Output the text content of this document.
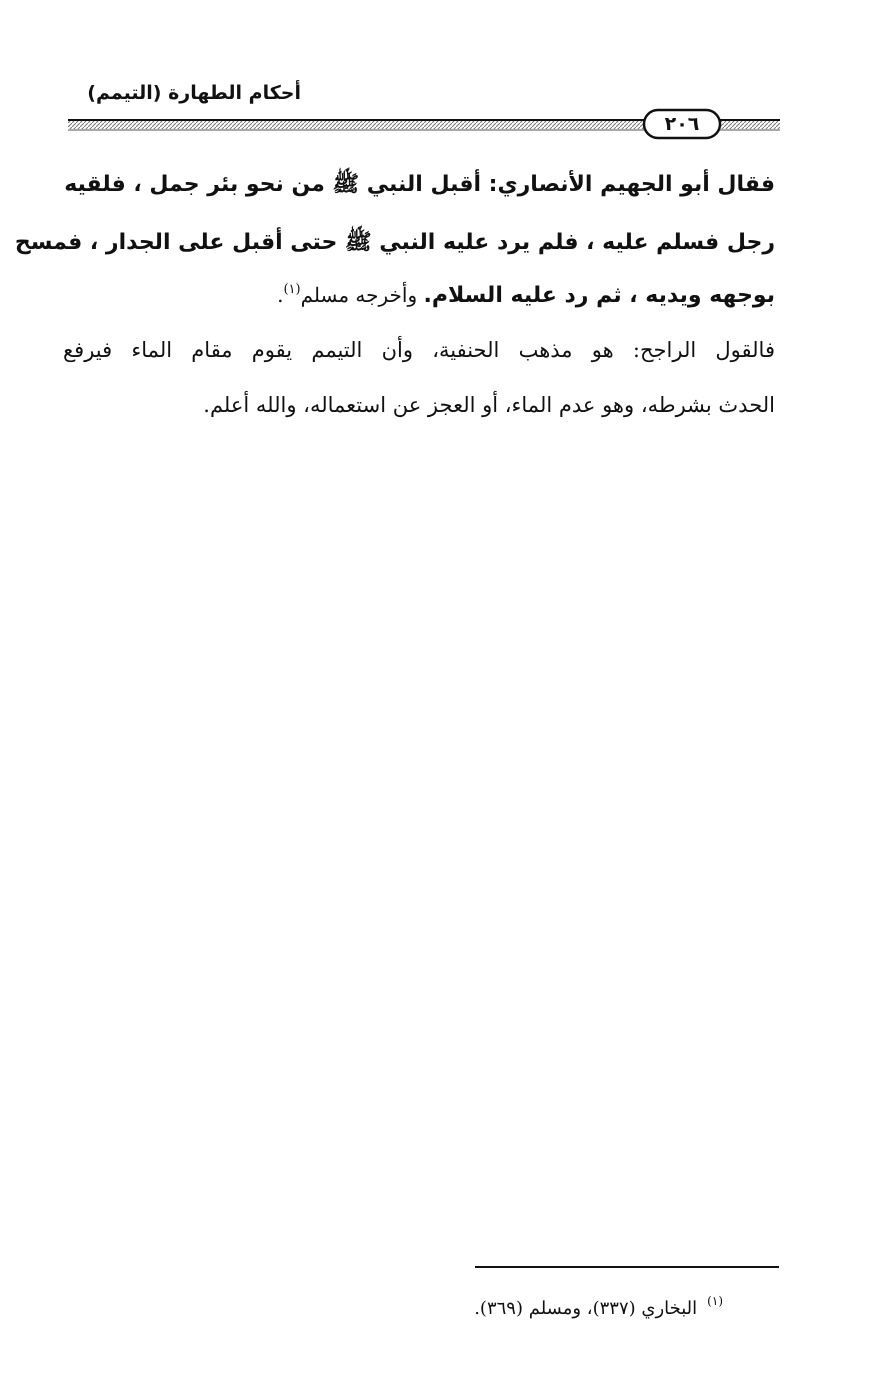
أحكام الطهارة (التيمم)
٢٠٦
فقال أبو الجهيم الأنصاري: أقبل النبي ﷺ من نحو بئر جمل ، فلقيه
رجل فسلم عليه ، فلم يرد عليه النبي ﷺ حتى أقبل على الجدار ، فمسح
بوجهه ويديه ، ثم رد عليه السلام. وأخرجه مسلم$^{(١)}$.
فالقول الراجح: هو مذهب الحنفية، وأن التيمم يقوم مقام الماء فيرفع
الحدث بشرطه، وهو عدم الماء، أو العجز عن استعماله، والله أعلم.
$^{(١)}$البخاري (٣٣٧)، ومسلم (٣٦٩).
